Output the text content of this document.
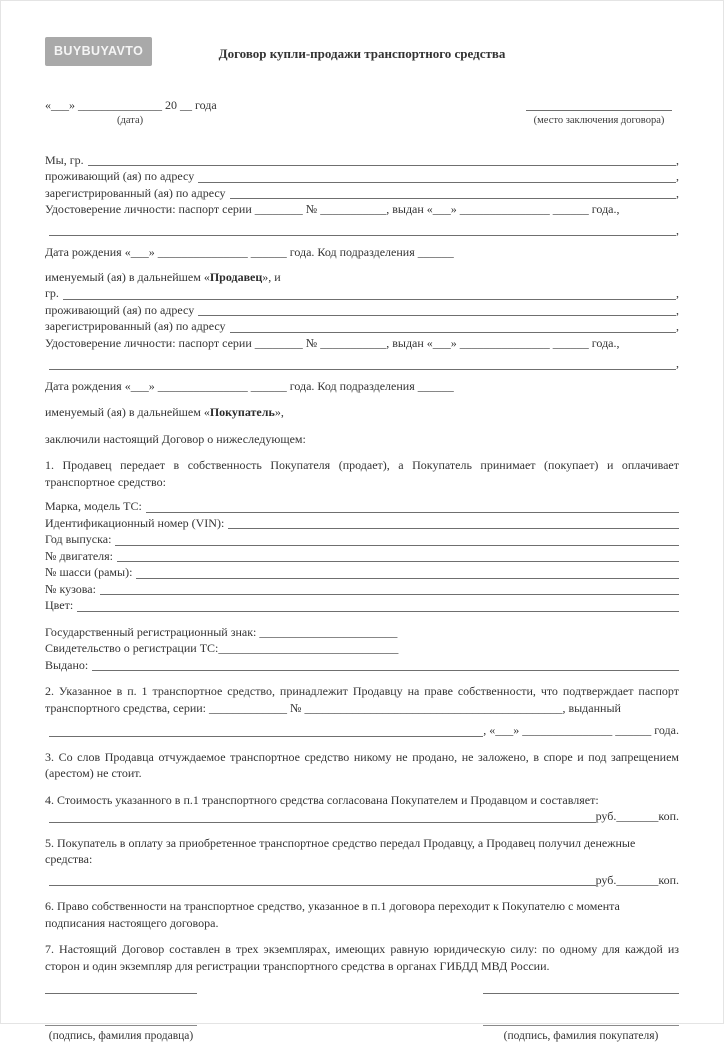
BUYBUYAVTO	Договор купли-продажи транспортного средства
«___» ______________ 20 __ года
(дата)	(место заключения договора)
Мы, гр.	,
проживающий (ая) по адресу	,
зарегистрированный (ая) по адресу	,
Удостоверение личности: паспорт серии ________ № ___________, выдан «___» _______________ ______ года.,
,
Дата рождения «___» _______________ ______ года. Код подразделения ______
именуемый (ая) в дальнейшем «Продавец», и
гр.	,
проживающий (ая) по адресу	,
зарегистрированный (ая) по адресу	,
Удостоверение личности: паспорт серии ________ № ___________, выдан «___» _______________ ______ года.,
,
Дата рождения «___» _______________ ______ года. Код подразделения ______
именуемый (ая) в дальнейшем «Покупатель»,
заключили настоящий Договор о нижеследующем:
1. Продавец передает в собственность Покупателя (продает), а Покупатель принимает (покупает) и оплачивает транспортное средство:
Марка, модель ТС:
Идентификационный номер (VIN):
Год выпуска:
№ двигателя:
№ шасси (рамы):
№ кузова:
Цвет:
Государственный регистрационный знак: _______________________
Свидетельство о регистрации ТС:______________________________
Выдано:
2. Указанное в п. 1 транспортное средство, принадлежит Продавцу на праве собственности, что подтверждает паспорт
транспортного средства, серии: _____________ № ___________________________________________, выданный
, «___» _______________ ______ года.
3. Со слов Продавца отчуждаемое транспортное средство никому не продано, не заложено, в споре и под запрещением (арестом) не стоит.
4. Стоимость указанного в п.1 транспортного средства согласована Покупателем и Продавцом и составляет:
руб._______коп.
5. Покупатель в оплату за приобретенное транспортное средство передал Продавцу, а Продавец получил денежные средства:
руб._______коп.
6. Право собственности на транспортное средство, указанное в п.1 договора переходит к Покупателю с момента подписания настоящего договора.
7. Настоящий Договор составлен в трех экземплярах, имеющих равную юридическую силу: по одному для каждой из сторон и один экземпляр для регистрации транспортного средства в органах ГИБДД МВД России.
(подпись, фамилия продавца)	(подпись, фамилия покупателя)
